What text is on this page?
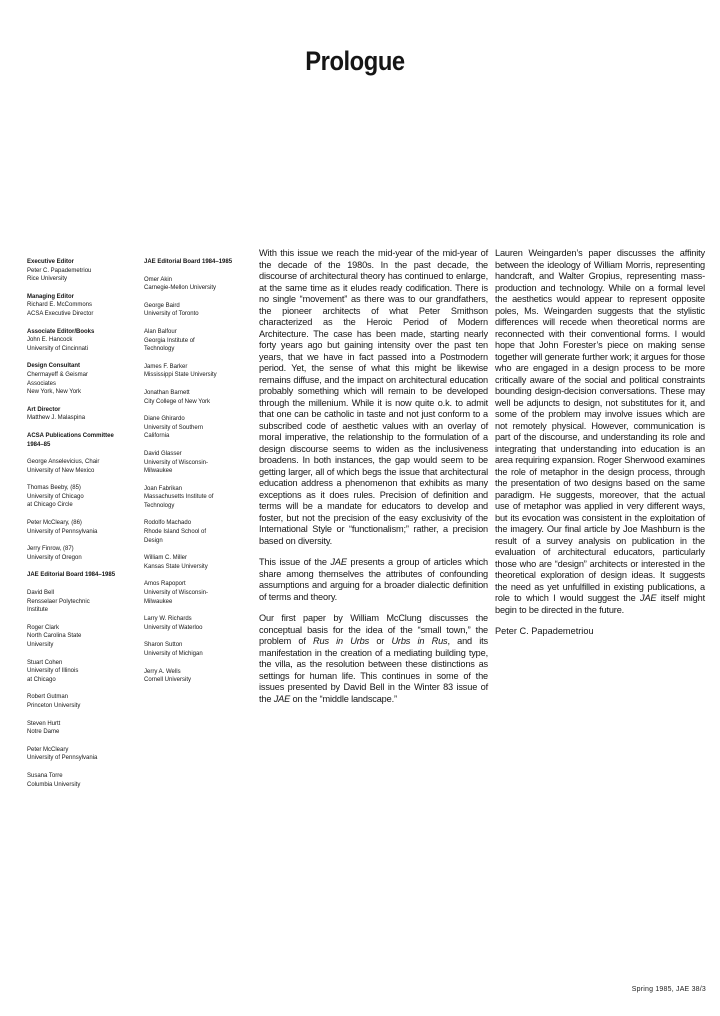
Prologue
Executive Editor
Peter C. Papademetriou
Rice University
Managing Editor
Richard E. McCommons
ACSA Executive Director
Associate Editor/Books
John E. Hancock
University of Cincinnati
Design Consultant
Chermayeff & Geismar
Associates
New York, New York
Art Director
Matthew J. Malaspina
ACSA Publications Committee 1984–85
George Anselevicius, Chair
University of New Mexico
Thomas Beeby, (85)
University of Chicago
at Chicago Circle
Peter McCleary, (86)
University of Pennsylvania
Jerry Finrow, (87)
University of Oregon
JAE Editorial Board 1984–1985
David Bell
Rensselaer Polytechnic
Institute
Roger Clark
North Carolina State
University
Stuart Cohen
University of Illinois
at Chicago
Robert Gutman
Princeton University
Steven Hurtt
Notre Dame
Peter McCleary
University of Pennsylvania
Susana Torre
Columbia University
JAE Editorial Board 1984–1985
Omer Akin
Carnegie-Mellon University
George Baird
University of Toronto
Alan Balfour
Georgia Institute of
Technology
James F. Barker
Mississippi State University
Jonathan Barnett
City College of New York
Diane Ghirardo
University of Southern
California
David Glasser
University of Wisconsin-
Milwaukee
Joan Fabrikan
Massachusetts Institute of
Technology
Rodolfo Machado
Rhode Island School of
Design
William C. Miller
Kansas State University
Amos Rapoport
University of Wisconsin-
Milwaukee
Larry W. Richards
University of Waterloo
Sharon Sutton
University of Michigan
Jerry A. Wells
Cornell University

With this issue we reach the mid-year of the mid-year of the decade of the 1980s. In the past decade, the discourse of architectural theory has continued to enlarge, at the same time as it eludes ready codification. There is no single “movement” as there was to our grandfathers, the pioneer architects of what Peter Smithson characterized as the Heroic Period of Modern Architecture. The case has been made, starting nearly forty years ago but gaining intensity over the past ten years, that we have in fact passed into a Postmodern period. Yet, the sense of what this might be likewise remains diffuse, and the impact on architectural education probably something which will remain to be developed through the millenium. While it is now quite o.k. to admit that one can be catholic in taste and not just conform to a subscribed code of aesthetic values with an overlay of moral imperative, the relationship to the formulation of a design discourse seems to widen as the inclusiveness broadens. In both instances, the gap would seem to be getting larger, all of which begs the issue that architectural education address a phenomenon that exhibits as many exceptions as it does rules. Precision of definition and terms will be a mandate for educators to develop and foster, but not the precision of the easy exclusivity of the International Style or “functionalism;” rather, a precision based on diversity.

This issue of the JAE presents a group of articles which share among themselves the attributes of confounding assumptions and arguing for a broader dialectic definition of terms and theory.

Our first paper by William McClung discusses the conceptual basis for the idea of the “small town,” the problem of Rus in Urbs or Urbs in Rus, and its manifestation in the creation of a mediating building type, the villa, as the resolution between these distinctions as settings for human life. This continues in some of the issues presented by David Bell in the Winter 83 issue of the JAE on the “middle landscape.”

Lauren Weingarden’s paper discusses the affinity between the ideology of William Morris, representing handcraft, and Walter Gropius, representing mass-production and technology. While on a formal level the aesthetics would appear to represent opposite poles, Ms. Weingarden suggests that the stylistic differences will recede when theoretical norms are reconnected with their conventional forms. I would hope that John Forester’s piece on making sense together will generate further work; it argues for those who are engaged in a design process to be more critically aware of the social and political constraints bounding design-decision conversations. These may well be adjuncts to design, not substitutes for it, and some of the problem may involve issues which are not remotely physical. However, communication is part of the discourse, and understanding its role and integrating that understanding into education is an area requiring expansion. Roger Sherwood examines the role of metaphor in the design process, through the presentation of two designs based on the same paradigm. He suggests, moreover, that the actual use of metaphor was applied in very different ways, but its evocation was consistent in the exploitation of the imagery. Our final article by Joe Mashburn is the result of a survey analysis on publication in the evaluation of architectural educators, particularly those who are “design” architects or interested in the theoretical exploration of design ideas. It suggests the need as yet unfulfilled in existing publications, a role to which I would suggest the JAE itself might begin to be directed in the future.

Peter C. Papademetriou
Spring 1985, JAE 38/3
